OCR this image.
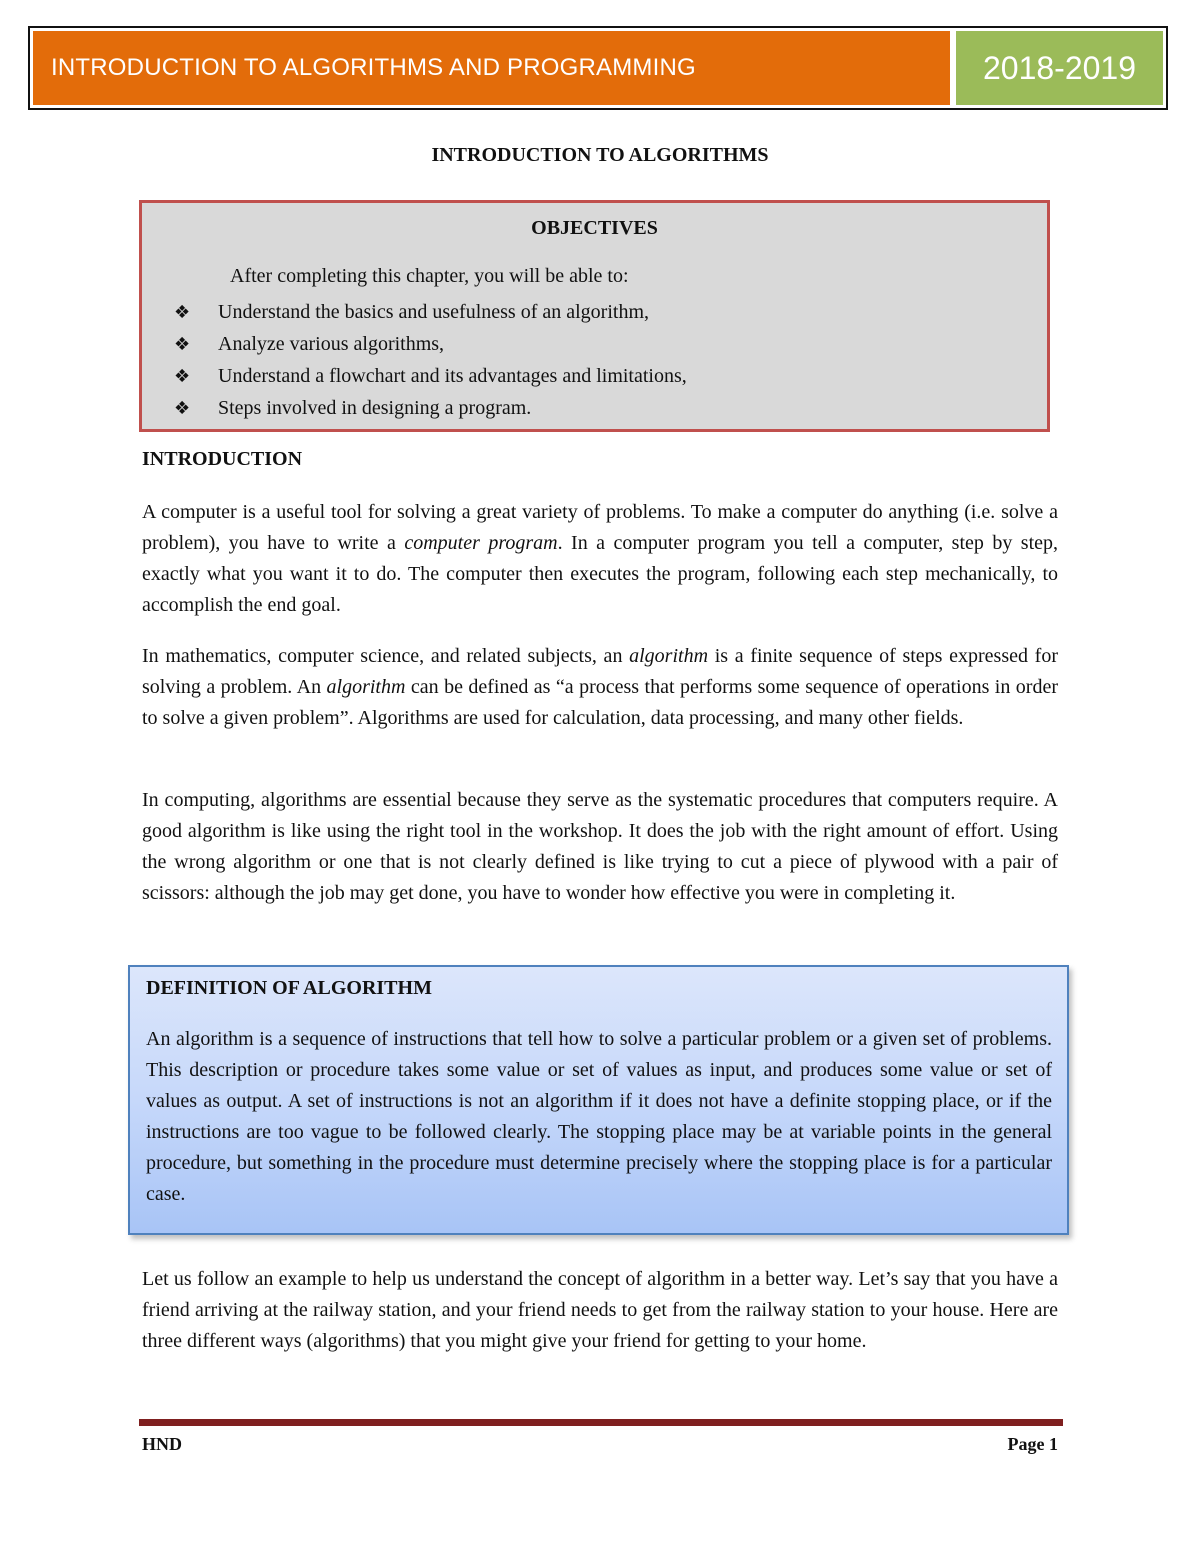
INTRODUCTION TO ALGORITHMS AND PROGRAMMING	2018-2019
INTRODUCTION TO ALGORITHMS
OBJECTIVES
After completing this chapter, you will be able to:
❖	Understand the basics and usefulness of an algorithm,
❖	Analyze various algorithms,
❖	Understand a flowchart and its advantages and limitations,
❖	Steps involved in designing a program.
INTRODUCTION

A computer is a useful tool for solving a great variety of problems. To make a computer do anything (i.e. solve a problem), you have to write a computer program. In a computer program you tell a computer, step by step, exactly what you want it to do. The computer then executes the program, following each step mechanically, to accomplish the end goal.

In mathematics, computer science, and related subjects, an algorithm is a finite sequence of steps expressed for solving a problem. An algorithm can be defined as “a process that performs some sequence of operations in order to solve a given problem”. Algorithms are used for calculation, data processing, and many other fields.

In computing, algorithms are essential because they serve as the systematic procedures that computers require. A good algorithm is like using the right tool in the workshop. It does the job with the right amount of effort. Using the wrong algorithm or one that is not clearly defined is like trying to cut a piece of plywood with a pair of scissors: although the job may get done, you have to wonder how effective you were in completing it.

DEFINITION OF ALGORITHM

An algorithm is a sequence of instructions that tell how to solve a particular problem or a given set of problems. This description or procedure takes some value or set of values as input, and produces some value or set of values as output. A set of instructions is not an algorithm if it does not have a definite stopping place, or if the instructions are too vague to be followed clearly. The stopping place may be at variable points in the general procedure, but something in the procedure must determine precisely where the stopping place is for a particular case.

Let us follow an example to help us understand the concept of algorithm in a better way. Let’s say that you have a friend arriving at the railway station, and your friend needs to get from the railway station to your house. Here are three different ways (algorithms) that you might give your friend for getting to your home.

HND	Page 1
